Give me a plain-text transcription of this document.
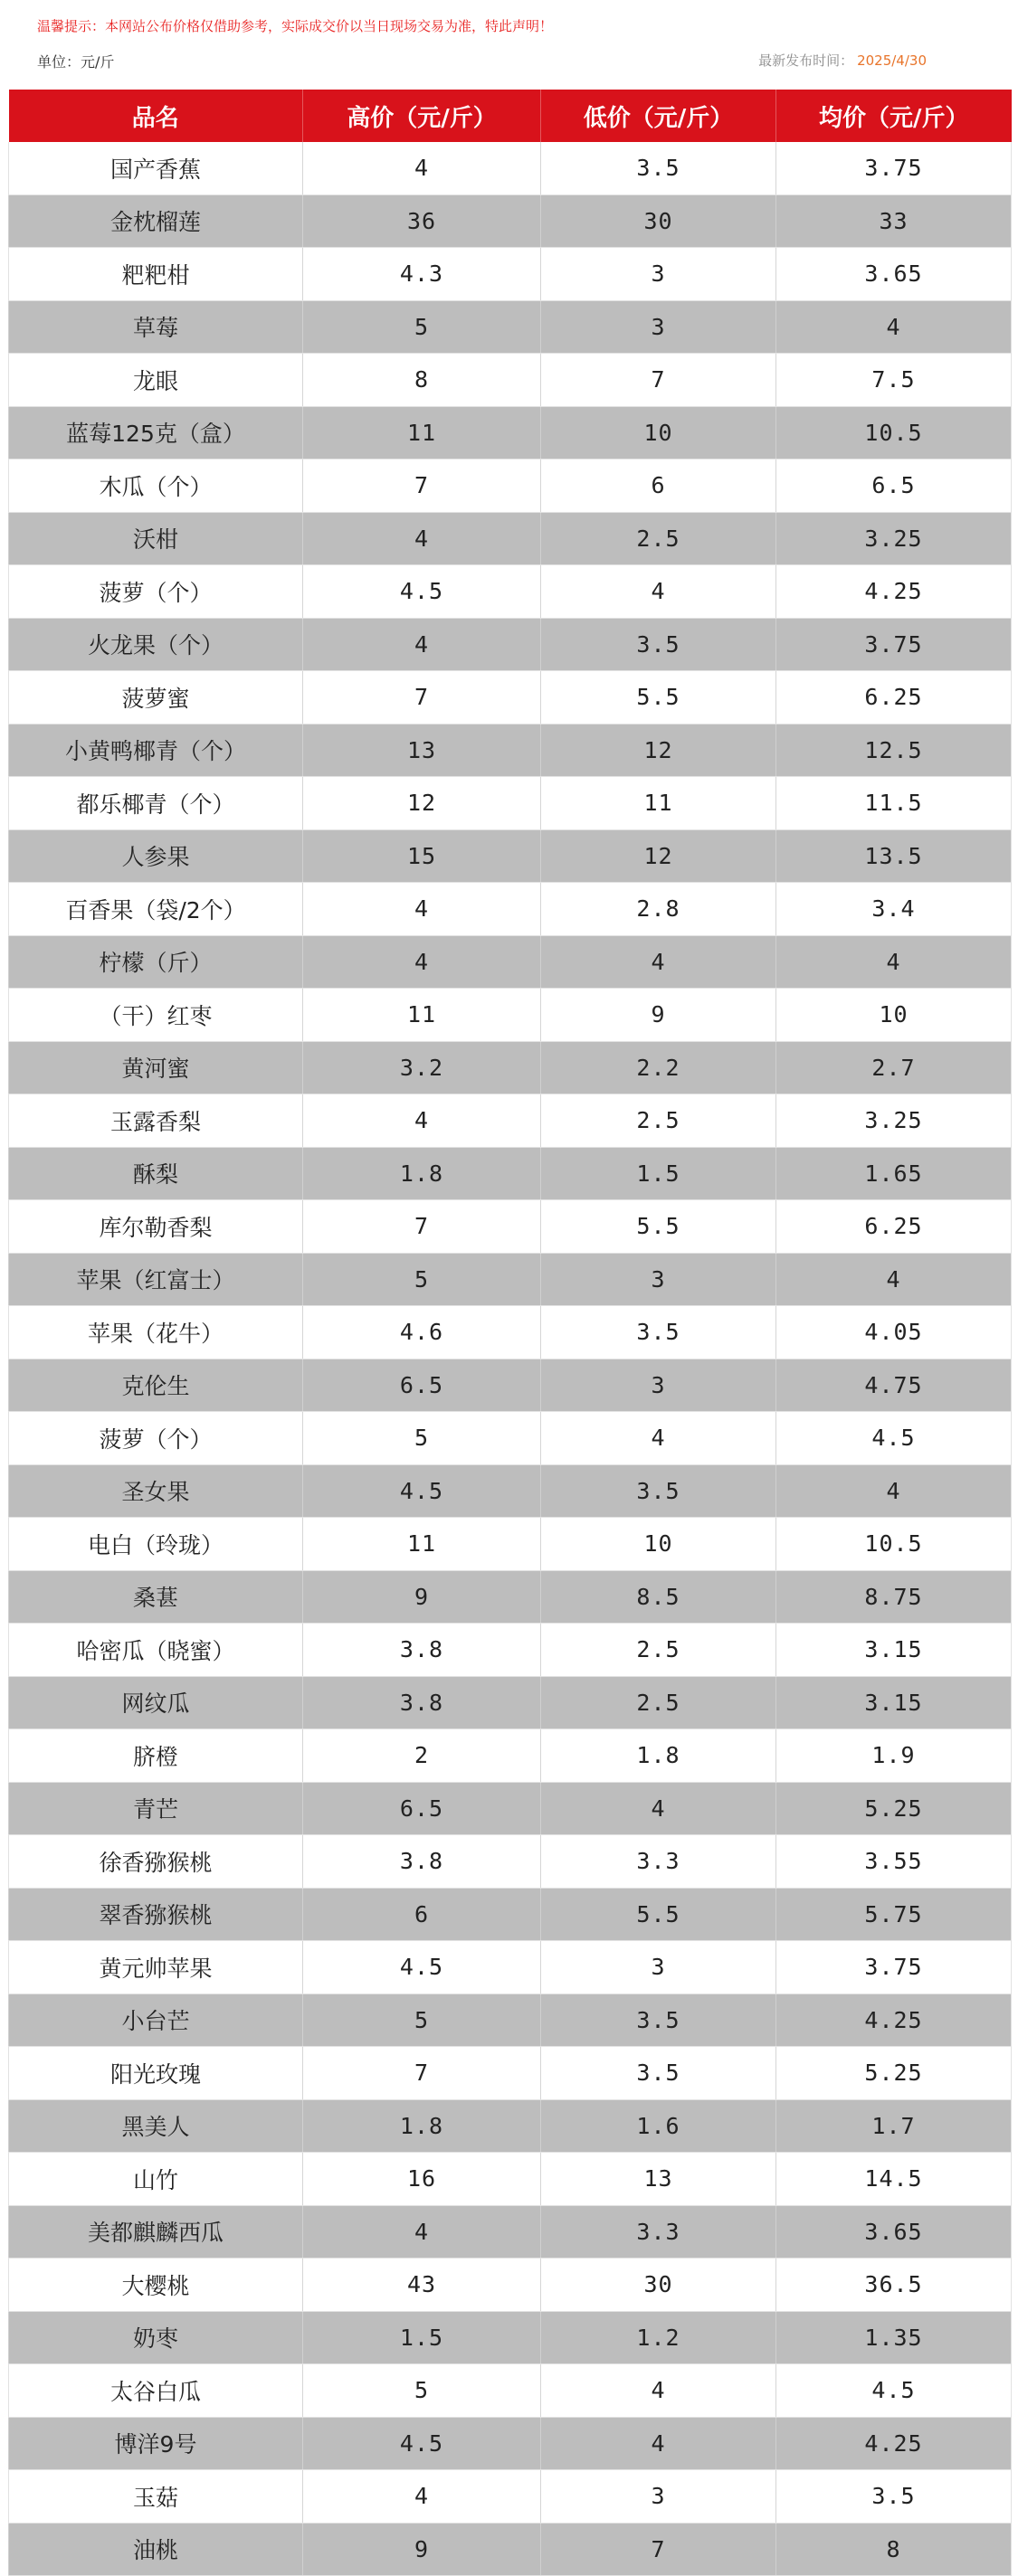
温馨提示：本网站公布价格仅借助参考，实际成交价以当日现场交易为准，特此声明！
单位：元/斤	最新发布时间： 2025/4/30
品名	高价（元/斤）	低价（元/斤）	均价（元/斤）
国产香蕉	4	3.5	3.75
金枕榴莲	36	30	33
粑粑柑	4.3	3	3.65
草莓	5	3	4
龙眼	8	7	7.5
蓝莓125克（盒）	11	10	10.5
木瓜（个）	7	6	6.5
沃柑	4	2.5	3.25
菠萝（个）	4.5	4	4.25
火龙果（个）	4	3.5	3.75
菠萝蜜	7	5.5	6.25
小黄鸭椰青（个）	13	12	12.5
都乐椰青（个）	12	11	11.5
人参果	15	12	13.5
百香果（袋/2个）	4	2.8	3.4
柠檬（斤）	4	4	4
（干）红枣	11	9	10
黄河蜜	3.2	2.2	2.7
玉露香梨	4	2.5	3.25
酥梨	1.8	1.5	1.65
库尔勒香梨	7	5.5	6.25
苹果（红富士）	5	3	4
苹果（花牛）	4.6	3.5	4.05
克伦生	6.5	3	4.75
菠萝（个）	5	4	4.5
圣女果	4.5	3.5	4
电白（玲珑）	11	10	10.5
桑葚	9	8.5	8.75
哈密瓜（晓蜜）	3.8	2.5	3.15
网纹瓜	3.8	2.5	3.15
脐橙	2	1.8	1.9
青芒	6.5	4	5.25
徐香猕猴桃	3.8	3.3	3.55
翠香猕猴桃	6	5.5	5.75
黄元帅苹果	4.5	3	3.75
小台芒	5	3.5	4.25
阳光玫瑰	7	3.5	5.25
黑美人	1.8	1.6	1.7
山竹	16	13	14.5
美都麒麟西瓜	4	3.3	3.65
大樱桃	43	30	36.5
奶枣	1.5	1.2	1.35
太谷白瓜	5	4	4.5
博洋9号	4.5	4	4.25
玉菇	4	3	3.5
油桃	9	7	8
